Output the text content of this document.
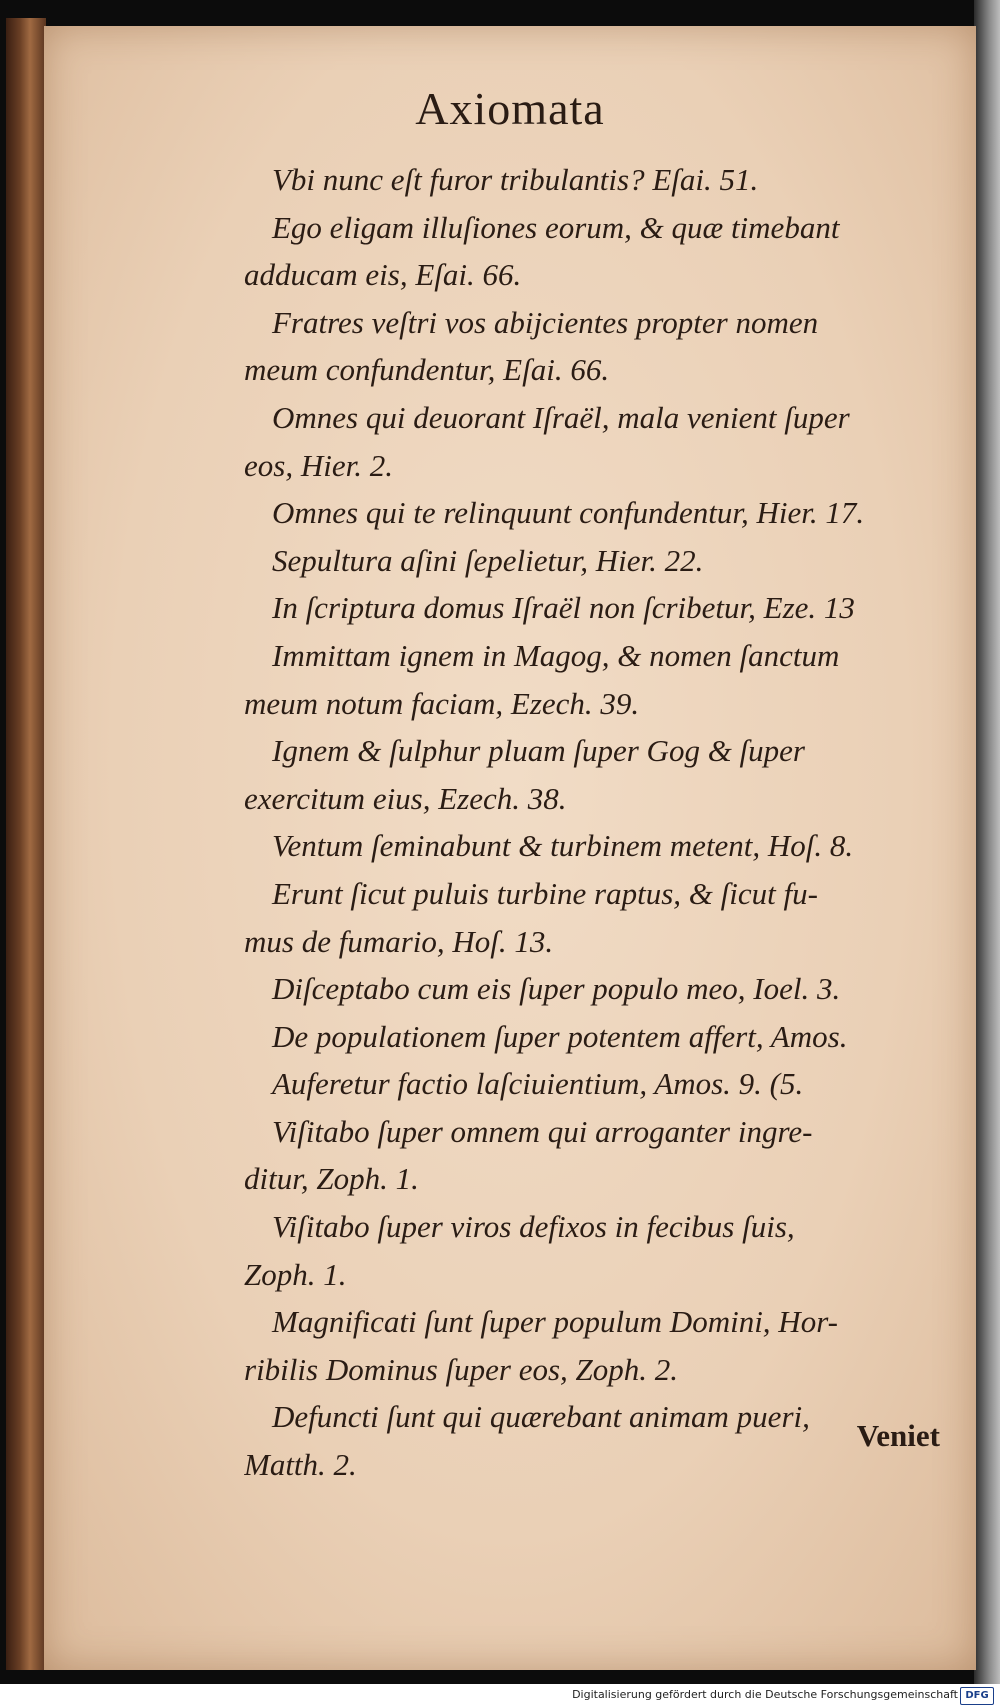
Axiomata
Vbi nunc eſt furor tribulantis? Eſai. 51.
Ego eligam illuſiones eorum, & quæ timebant
adducam eis, Eſai. 66.
Fratres veſtri vos abijcientes propter nomen
meum confundentur, Eſai. 66.
Omnes qui deuorant Iſraël, mala venient ſuper
eos, Hier. 2.
Omnes qui te relinquunt confundentur, Hier. 17.
Sepultura aſini ſepelietur, Hier. 22.
In ſcriptura domus Iſraël non ſcribetur, Eze. 13
Immittam ignem in Magog, & nomen ſanctum
meum notum faciam, Ezech. 39.
Ignem & ſulphur pluam ſuper Gog & ſuper
exercitum eius, Ezech. 38.
Ventum ſeminabunt & turbinem metent, Hoſ. 8.
Erunt ſicut puluis turbine raptus, & ſicut fu-
mus de fumario, Hoſ. 13.
Diſceptabo cum eis ſuper populo meo, Ioel. 3.
De populationem ſuper potentem affert, Amos.
Auferetur factio laſciuientium, Amos. 9. (5.
Viſitabo ſuper omnem qui arroganter ingre-
ditur, Zoph. 1.
Viſitabo ſuper viros defixos in fecibus ſuis,
Zoph. 1.
Magnificati ſunt ſuper populum Domini, Hor-
ribilis Dominus ſuper eos, Zoph. 2.
Defuncti ſunt qui quærebant animam pueri,
Matth. 2.
Veniet
Digitalisierung gefördert durch die Deutsche Forschungsgemeinschaft DFG
